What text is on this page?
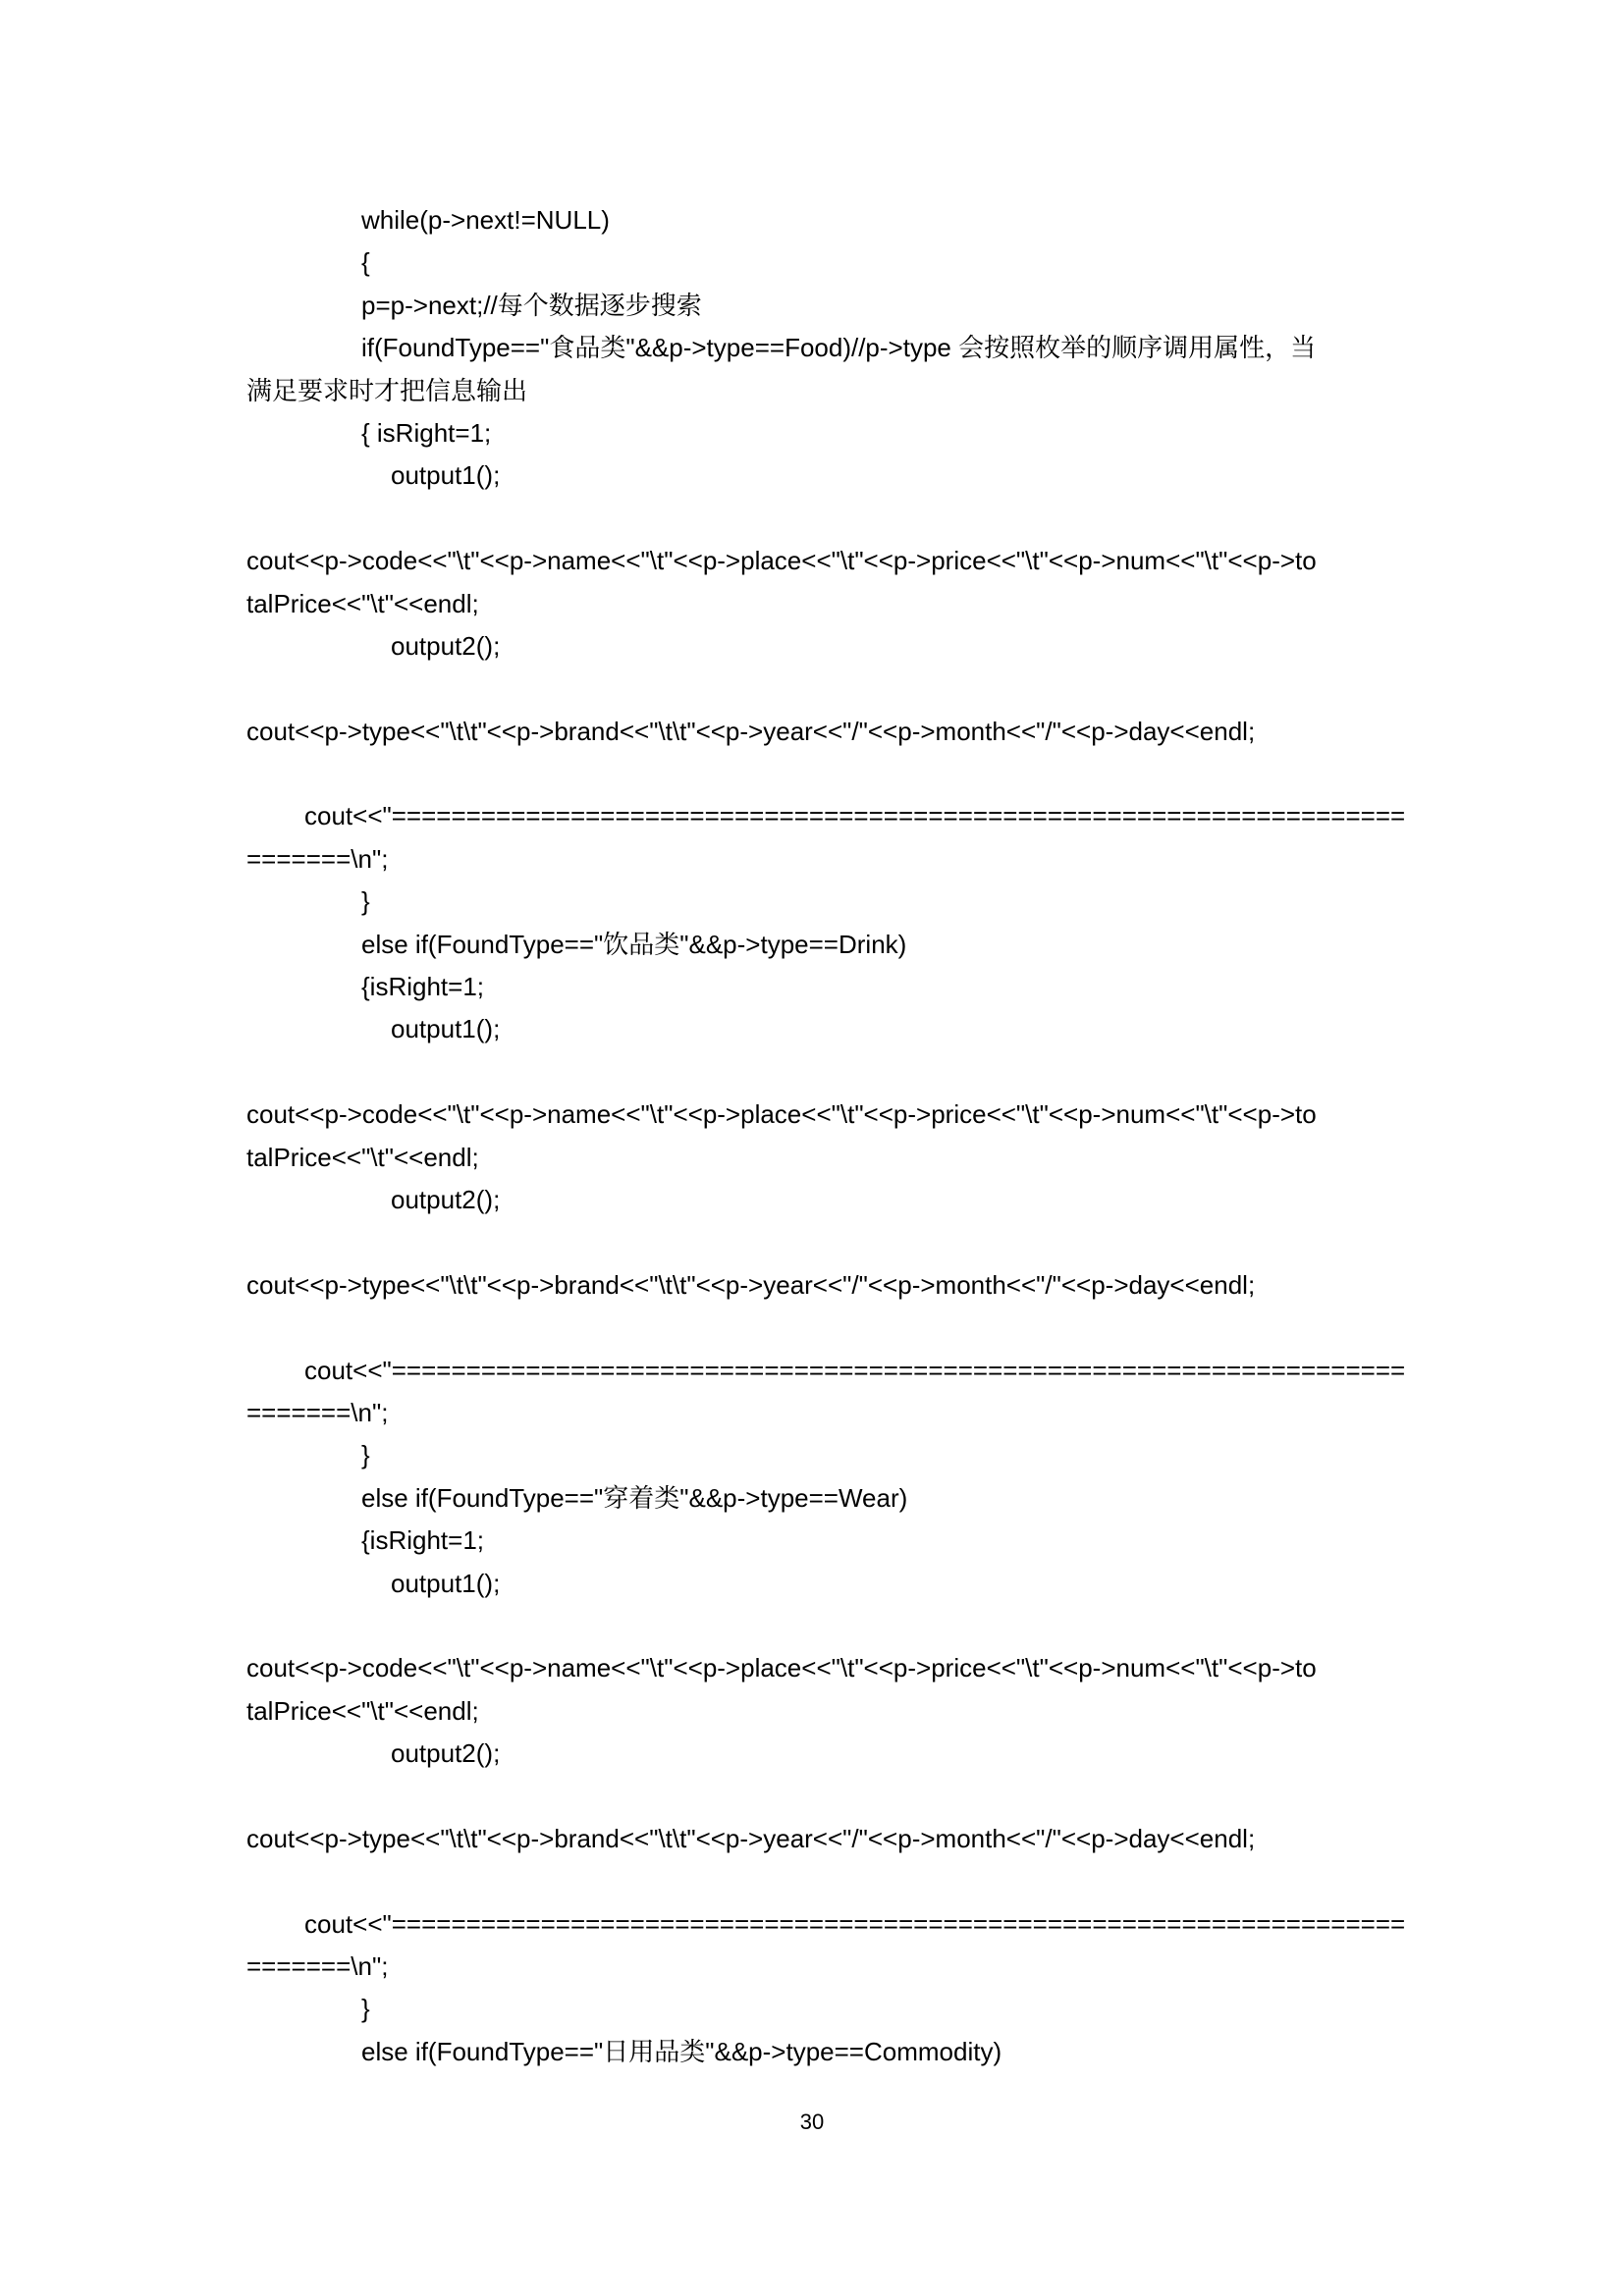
while(p->next!=NULL)
{
p=p->next;//每个数据逐步搜索
if(FoundType=="食品类"&&p->type==Food)//p->type 会按照枚举的顺序调用属性，当
满足要求时才把信息输出
{ isRight=1;
output1();
cout<<p->code<<"\t"<<p->name<<"\t"<<p->place<<"\t"<<p->price<<"\t"<<p->num<<"\t"<<p->to
talPrice<<"\t"<<endl;
output2();
cout<<p->type<<"\t\t"<<p->brand<<"\t\t"<<p->year<<"/"<<p->month<<"/"<<p->day<<endl;
cout<<"====================================================================
=======\n";
}
else if(FoundType=="饮品类"&&p->type==Drink)
{isRight=1;
output1();
cout<<p->code<<"\t"<<p->name<<"\t"<<p->place<<"\t"<<p->price<<"\t"<<p->num<<"\t"<<p->to
talPrice<<"\t"<<endl;
output2();
cout<<p->type<<"\t\t"<<p->brand<<"\t\t"<<p->year<<"/"<<p->month<<"/"<<p->day<<endl;
cout<<"====================================================================
=======\n";
}
else if(FoundType=="穿着类"&&p->type==Wear)
{isRight=1;
output1();
cout<<p->code<<"\t"<<p->name<<"\t"<<p->place<<"\t"<<p->price<<"\t"<<p->num<<"\t"<<p->to
talPrice<<"\t"<<endl;
output2();
cout<<p->type<<"\t\t"<<p->brand<<"\t\t"<<p->year<<"/"<<p->month<<"/"<<p->day<<endl;
cout<<"====================================================================
=======\n";
}
else if(FoundType=="日用品类"&&p->type==Commodity)
30
